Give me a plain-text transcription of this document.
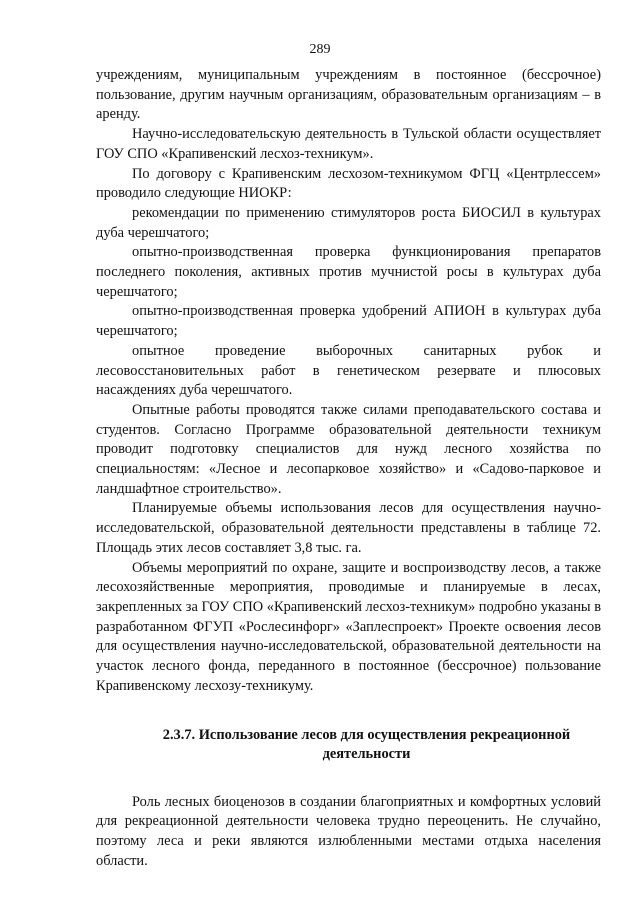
289

учреждениям, муниципальным учреждениям в постоянное (бессрочное) пользование, другим научным организациям, образовательным организациям – в аренду.

Научно-исследовательскую деятельность в Тульской области осуществляет ГОУ СПО «Крапивенский лесхоз-техникум».

По договору с Крапивенским лесхозом-техникумом ФГЦ «Центрлессем» проводило следующие НИОКР:

рекомендации по применению стимуляторов роста БИОСИЛ в культурах дуба черешчатого;

опытно-производственная проверка функционирования препаратов последнего поколения, активных против мучнистой росы в культурах дуба черешчатого;

опытно-производственная проверка удобрений АПИОН в культурах дуба черешчатого;

опытное проведение выборочных санитарных рубок и лесовосстановительных работ в генетическом резервате и плюсовых насаждениях дуба черешчатого.

Опытные работы проводятся также силами преподавательского состава и студентов. Согласно Программе образовательной деятельности техникум проводит подготовку специалистов для нужд лесного хозяйства по специальностям: «Лесное и лесопарковое хозяйство» и «Садово-парковое и ландшафтное строительство».

Планируемые объемы использования лесов для осуществления научно-исследовательской, образовательной деятельности представлены в таблице 72. Площадь этих лесов составляет 3,8 тыс. га.

Объемы мероприятий по охране, защите и воспроизводству лесов, а также лесохозяйственные мероприятия, проводимые и планируемые в лесах, закрепленных за ГОУ СПО «Крапивенский лесхоз-техникум» подробно указаны в разработанном ФГУП «Рослесинфорг» «Заплеспроект» Проекте освоения лесов для осуществления научно-исследовательской, образовательной деятельности на участок лесного фонда, переданного в постоянное (бессрочное) пользование Крапивенскому лесхозу-техникуму.

2.3.7. Использование лесов для осуществления рекреационной
деятельности

Роль лесных биоценозов в создании благоприятных и комфортных условий для рекреационной деятельности человека трудно переоценить. Не случайно, поэтому леса и реки являются излюбленными местами отдыха населения области.
